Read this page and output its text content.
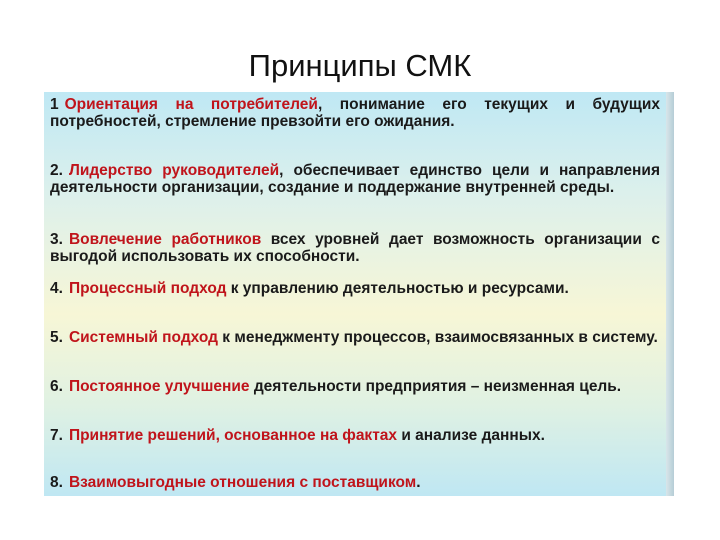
Принципы СМК
1 Ориентация на потребителей, понимание его текущих и будущих потребностей, стремление превзойти его ожидания.
2. Лидерство руководителей, обеспечивает единство цели и направления деятельности организации, создание и поддержание внутренней среды.
3. Вовлечение работников всех уровней дает возможность организации с выгодой использовать их способности.
4. Процессный подход к управлению деятельностью и ресурсами.
5. Системный подход к менеджменту процессов, взаимосвязанных в систему.
6. Постоянное улучшение деятельности предприятия – неизменная цель.
7. Принятие решений, основанное на фактах и анализе данных.
8. Взаимовыгодные отношения с поставщиком.
